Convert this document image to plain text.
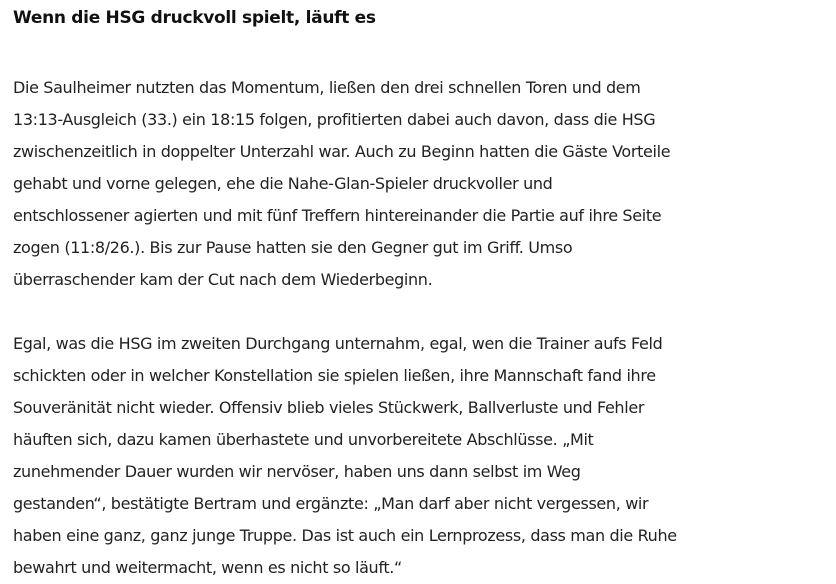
Wenn die HSG druckvoll spielt, läuft es

Die Saulheimer nutzten das Momentum, ließen den drei schnellen Toren und dem
13:13-Ausgleich (33.) ein 18:15 folgen, profitierten dabei auch davon, dass die HSG
zwischenzeitlich in doppelter Unterzahl war. Auch zu Beginn hatten die Gäste Vorteile
gehabt und vorne gelegen, ehe die Nahe-Glan-Spieler druckvoller und
entschlossener agierten und mit fünf Treffern hintereinander die Partie auf ihre Seite
zogen (11:8/26.). Bis zur Pause hatten sie den Gegner gut im Griff. Umso
überraschender kam der Cut nach dem Wiederbeginn.

Egal, was die HSG im zweiten Durchgang unternahm, egal, wen die Trainer aufs Feld
schickten oder in welcher Konstellation sie spielen ließen, ihre Mannschaft fand ihre
Souveränität nicht wieder. Offensiv blieb vieles Stückwerk, Ballverluste und Fehler
häuften sich, dazu kamen überhastete und unvorbereitete Abschlüsse. „Mit
zunehmender Dauer wurden wir nervöser, haben uns dann selbst im Weg
gestanden“, bestätigte Bertram und ergänzte: „Man darf aber nicht vergessen, wir
haben eine ganz, ganz junge Truppe. Das ist auch ein Lernprozess, dass man die Ruhe
bewahrt und weitermacht, wenn es nicht so läuft.“
